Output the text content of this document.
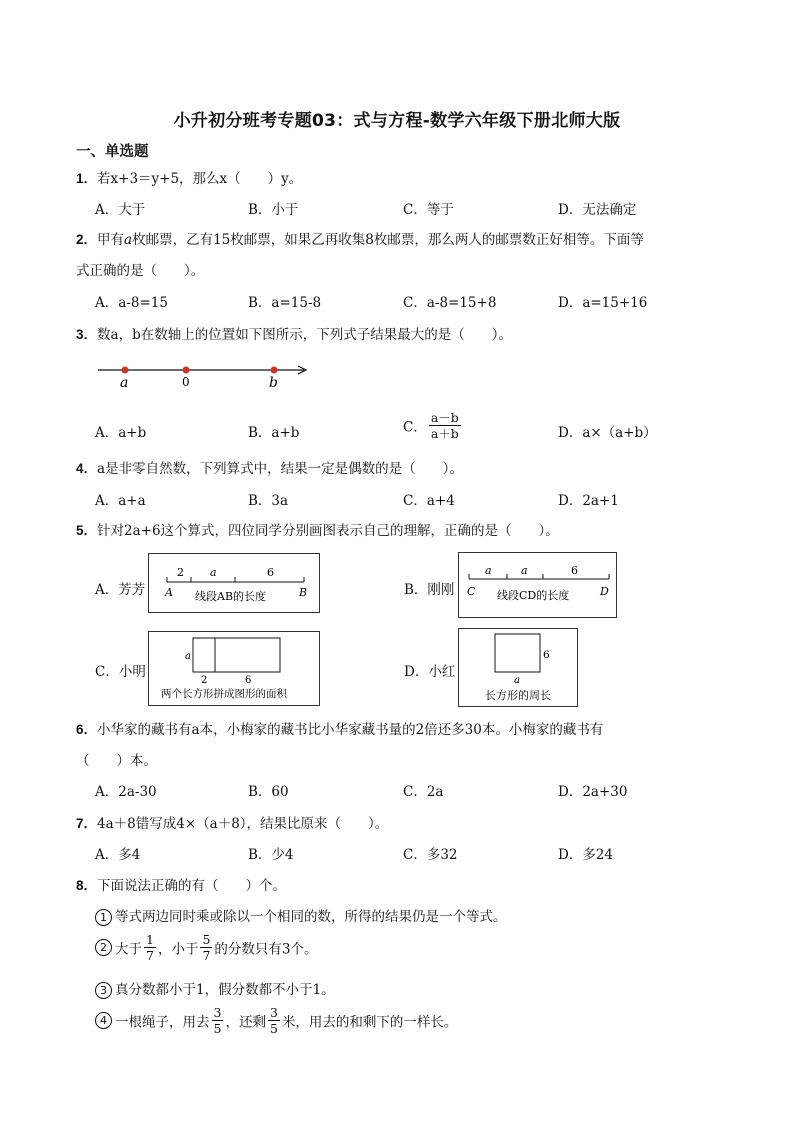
小升初分班考专题03：式与方程-数学六年级下册北师大版
一、单选题
1．若x+3＝y+5，那么x（　　）y。
A．大于	B．小于	C．等于	D．无法确定
2．甲有a枚邮票，乙有15枚邮票，如果乙再收集8枚邮票，那么两人的邮票数正好相等。下面等
式正确的是（　　）。
A．a-8=15	B．a=15-8	C．a-8=15+8	D．a=15+16
3．数a，b在数轴上的位置如下图所示，下列式子结果最大的是（　　）。
a	0	b
A．a+b	B．a+b	C． $\frac{a-b}{a+b}$	D．a×（a+b）
4．a是非零自然数，下列算式中，结果一定是偶数的是（　　）。
A．a+a	B．3a	C．a+4	D．2a+1
5．针对2a+6这个算式，四位同学分别画图表示自己的理解，正确的是（　　）。
A．芳芳
2 a	6
A	B
线段AB的长度	B．刚刚
a	a	6
C	D
线段CD的长度
C．小明
a
2	6
两个长方形拼成图形的面积
D．小红
6
a
长方形的周长
6．小华家的藏书有a本，小梅家的藏书比小华家藏书量的2倍还多30本。小梅家的藏书有
（　　）本。
A．2a-30	B．60	C．2a	D．2a+30
7．4a＋8错写成4×（a＋8），结果比原来（　　）。
A．多4	B．少4	C．多32	D．多24
8．下面说法正确的有（　　）个。
1 等式两边同时乘或除以一个相同的数，所得的结果仍是一个等式。
2 大于 $\frac{1}{7}$ ，小于 $\frac{5}{7}$ 的分数只有3个。
3 真分数都小于1，假分数都不小于1。
4 一根绳子，用去 $\frac{3}{5}$ ，还剩 $\frac{3}{5}$ 米，用去的和剩下的一样长。
